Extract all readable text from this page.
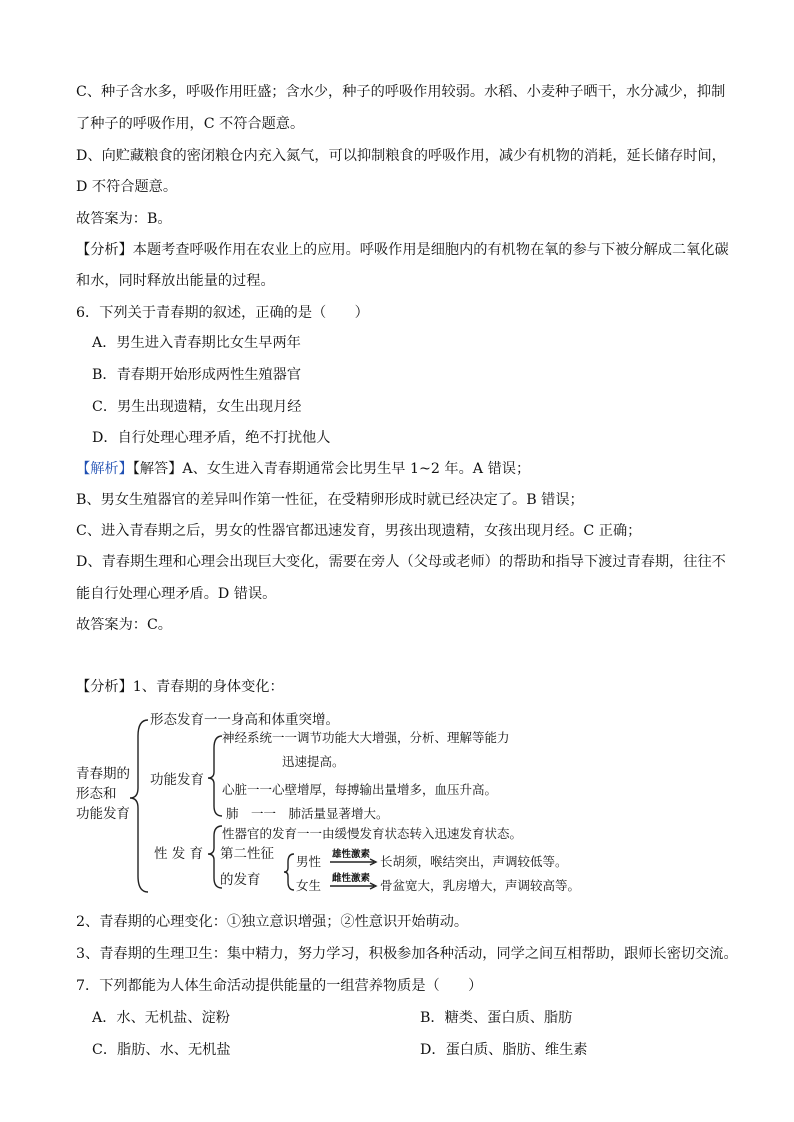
C、种子含水多，呼吸作用旺盛；含水少，种子的呼吸作用较弱。水稻、小麦种子晒干，水分减少，抑制
了种子的呼吸作用，C 不符合题意。
D、向贮藏粮食的密闭粮仓内充入氮气，可以抑制粮食的呼吸作用，减少有机物的消耗，延长储存时间，
D 不符合题意。
故答案为：B。
【分析】本题考查呼吸作用在农业上的应用。呼吸作用是细胞内的有机物在氧的参与下被分解成二氧化碳
和水，同时释放出能量的过程。
6．下列关于青春期的叙述，正确的是（　　）
A．男生进入青春期比女生早两年
B．青春期开始形成两性生殖器官
C．男生出现遗精，女生出现月经
D．自行处理心理矛盾，绝不打扰他人
【解析】【解答】A、女生进入青春期通常会比男生早 1~2 年。A 错误；
B、男女生殖器官的差异叫作第一性征，在受精卵形成时就已经决定了。B 错误；
C、进入青春期之后，男女的性器官都迅速发育，男孩出现遗精，女孩出现月经。C 正确；
D、青春期生理和心理会出现巨大变化，需要在旁人（父母或老师）的帮助和指导下渡过青春期，往往不
能自行处理心理矛盾。D 错误。
故答案为：C。
【分析】1、青春期的身体变化：
青春期的
形态和
功能发育
形态发育一一身高和体重突增。
功能发育
性 发 育 第二性征
的发育
神经系统一一调节功能大大增强，分析、理解等能力
迅速提高。
心脏一一心壁增厚，每搏输出量增多，血压升高。
肺　一一　肺活量显著增大。
性器官的发育一一由缓慢发育状态转入迅速发育状态。
男性
女生
长胡须，喉结突出，声调较低等。
骨盆宽大，乳房增大，声调较高等。
雄性激素
雌性激素
2、青春期的心理变化：①独立意识增强；②性意识开始萌动。
3、青春期的生理卫生：集中精力，努力学习，积极参加各种活动，同学之间互相帮助，跟师长密切交流。
7．下列都能为人体生命活动提供能量的一组营养物质是（　　）
A．水、无机盐、淀粉	B．糖类、蛋白质、脂肪
C．脂肪、水、无机盐	D．蛋白质、脂肪、维生素
